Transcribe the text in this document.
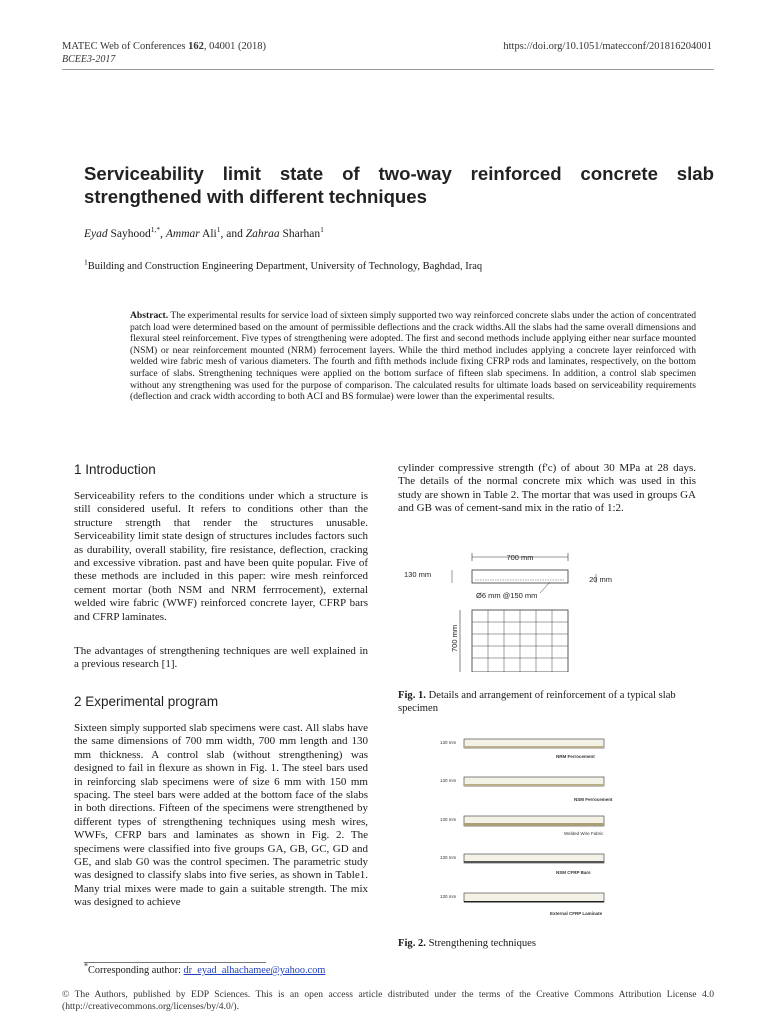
MATEC Web of Conferences 162, 04001 (2018)
BCEE3-2017
https://doi.org/10.1051/matecconf/201816204001
Serviceability limit state of two-way reinforced concrete slab strengthened with different techniques
Eyad Sayhood$^{1,*}$, Ammar Ali$^1$, and Zahraa Sharhan$^1$
$^1$Building and Construction Engineering Department, University of Technology, Baghdad, Iraq
Abstract. The experimental results for service load of sixteen simply supported two way reinforced concrete slabs under the action of concentrated patch load were determined based on the amount of permissible deflections and the crack widths.All the slabs had the same overall dimensions and flexural steel reinforcement. Five types of strengthening were adopted. The first and second methods include applying either near surface mounted (NSM) or near reinforcement mounted (NRM) ferrocement layers. While the third method includes applying a concrete layer reinforced with welded wire fabric mesh of various diameters. The fourth and fifth methods include fixing CFRP rods and laminates, respectively, on the bottom surface of slabs. Strengthening techniques were applied on the bottom surface of fifteen slab specimens. In addition, a control slab specimen without any strengthening was used for the purpose of comparison. The calculated results for ultimate loads based on serviceability requirements (deflection and crack width according to both ACI and BS formulae) were lower than the experimental results.
1 Introduction
Serviceability refers to the conditions under which a structure is still considered useful. It refers to conditions other than the structure strength that render the structures unusable. Serviceability limit state design of structures includes factors such as durability, overall stability, fire resistance, deflection, cracking and excessive vibration. past and have been quite popular. Five of these methods are included in this paper: wire mesh reinforced cement mortar (both NSM and NRM ferrrocement), external welded wire fabric (WWF) reinforced concrete layer, CFRP bars and CFRP laminates.
The advantages of strengthening techniques are well explained in a previous research [1].
2 Experimental program
Sixteen simply supported slab specimens were cast. All slabs have the same dimensions of 700 mm width, 700 mm length and 130 mm thickness. A control slab (without strengthening) was designed to fail in flexure as shown in Fig. 1. The steel bars used in reinforcing slab specimens were of size 6 mm with 150 mm spacing. The steel bars were added at the bottom face of the slabs in both directions. Fifteen of the specimens were strengthened by different types of strengthening techniques using mesh wires, WWFs, CFRP bars and laminates as shown in Fig. 2. The specimens were classified into five groups GA, GB, GC, GD and GE, and slab G0 was the control specimen. The parametric study was designed to classify slabs into five series, as shown in Table1. Many trial mixes were made to gain a suitable strength. The mix was designed to achieve
cylinder compressive strength (f'c) of about 30 MPa at 28 days. The details of the normal concrete mix which was used in this study are shown in Table 2. The mortar that was used in groups GA and GB was of cement-sand mix in the ratio of 1:2.
700 mm
130 mm
20 mm
Ø6 mm @150 mm
700 mm
Fig. 1. Details and arrangement of reinforcement of a typical slab specimen
130 mm
NRM Ferrocement
130 mm
NSM Ferrocement
130 mm
Welded Wire Fabric
130 mm
NSM CFRP Bars
130 mm
External CFRP Laminate
Fig. 2. Strengthening techniques
*Corresponding author: dr_eyad_alhachamee@yahoo.com
© The Authors, published by EDP Sciences. This is an open access article distributed under the terms of the Creative Commons Attribution License 4.0 (http://creativecommons.org/licenses/by/4.0/).
